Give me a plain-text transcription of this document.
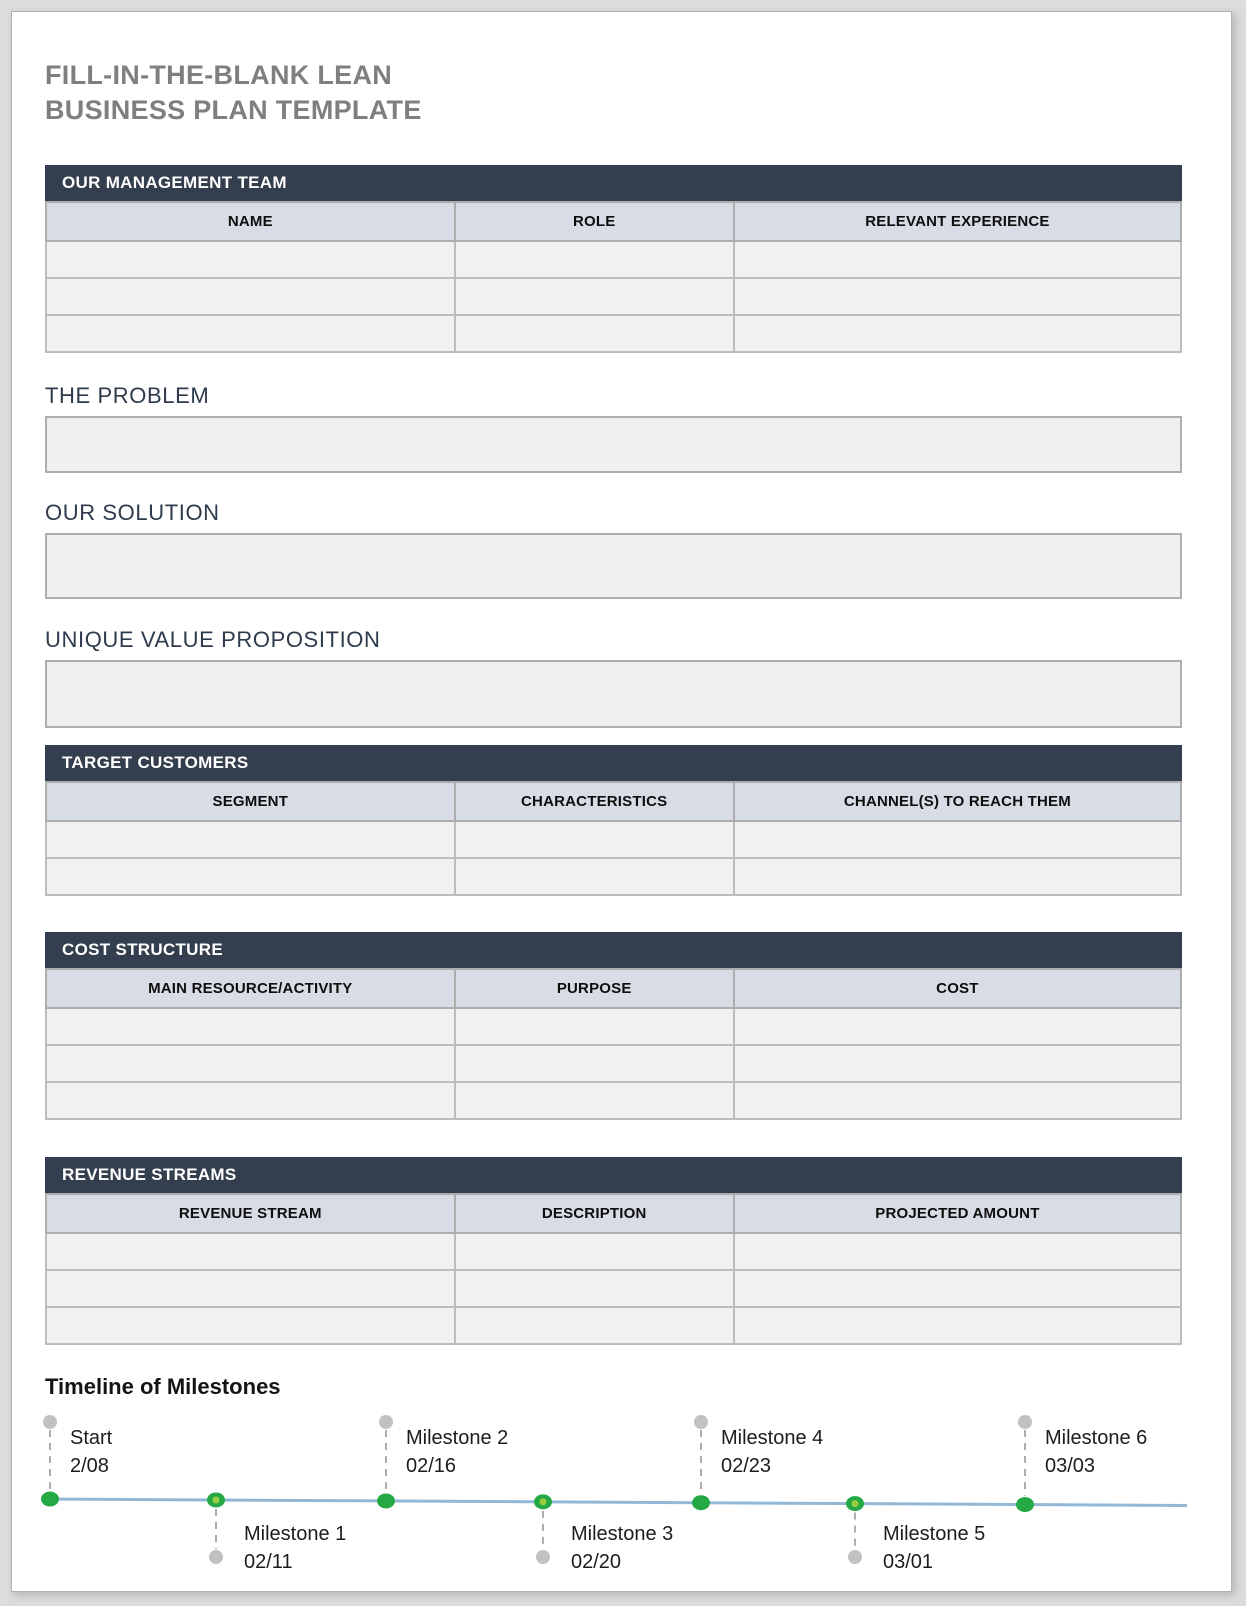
FILL-IN-THE-BLANK LEAN
BUSINESS PLAN TEMPLATE
OUR MANAGEMENT TEAM
NAME	ROLE	RELEVANT EXPERIENCE

THE PROBLEM
OUR SOLUTION
UNIQUE VALUE PROPOSITION
TARGET CUSTOMERS
SEGMENT	CHARACTERISTICS	CHANNEL(S) TO REACH THEM

COST STRUCTURE
MAIN RESOURCE/ACTIVITY	PURPOSE	COST

REVENUE STREAMS
REVENUE STREAM	DESCRIPTION	PROJECTED AMOUNT

Timeline of Milestones
Start
2/08
Milestone 1
02/11
Milestone 2
02/16
Milestone 3
02/20
Milestone 4
02/23
Milestone 5
03/01
Milestone 6
03/03
